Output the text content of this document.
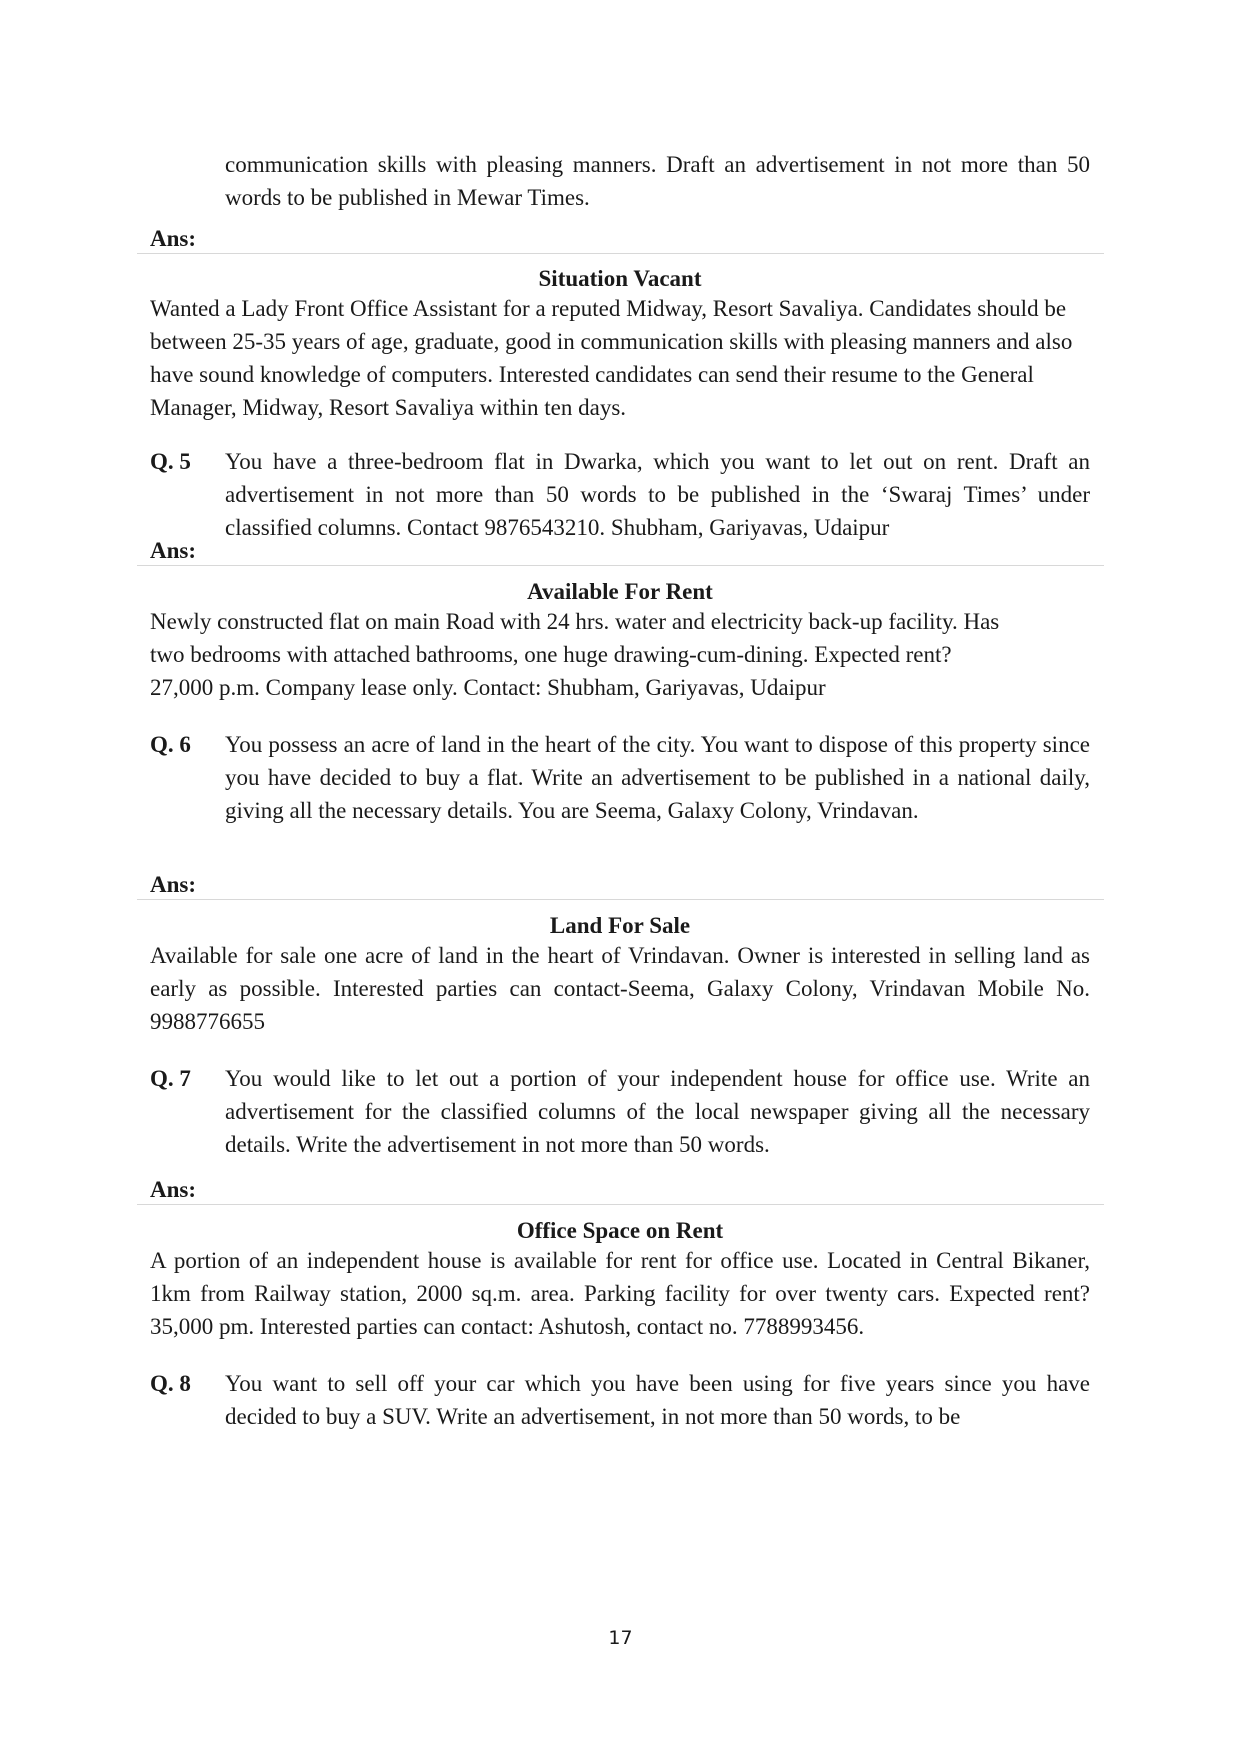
communication skills with pleasing manners. Draft an advertisement in not more than 50 words to be published in Mewar Times.

Ans:
Situation Vacant

Wanted a Lady Front Office Assistant for a reputed Midway, Resort Savaliya. Candidates should be between 25-35 years of age, graduate, good in communication skills with pleasing manners and also have sound knowledge of computers. Interested candidates can send their resume to the General Manager, Midway, Resort Savaliya within ten days.

Q. 5	You have a three-bedroom flat in Dwarka, which you want to let out on rent. Draft an advertisement in not more than 50 words to be published in the ‘Swaraj Times’ under classified columns. Contact 9876543210. Shubham, Gariyavas, Udaipur

Ans:
Available For Rent
Newly constructed flat on main Road with 24 hrs. water and electricity back-up facility. Has
two bedrooms with attached bathrooms, one huge drawing-cum-dining. Expected rent?
27,000 p.m. Company lease only. Contact: Shubham, Gariyavas, Udaipur
Q. 6	You possess an acre of land in the heart of the city. You want to dispose of this property since you have decided to buy a flat. Write an advertisement to be published in a national daily, giving all the necessary details. You are Seema, Galaxy Colony, Vrindavan.

Ans:
Land For Sale

Available for sale one acre of land in the heart of Vrindavan. Owner is interested in selling land as early as possible. Interested parties can contact-Seema, Galaxy Colony, Vrindavan Mobile No. 9988776655

Q. 7	You would like to let out a portion of your independent house for office use. Write an advertisement for the classified columns of the local newspaper giving all the necessary details. Write the advertisement in not more than 50 words.

Ans:
Office Space on Rent

A portion of an independent house is available for rent for office use. Located in Central Bikaner, 1km from Railway station, 2000 sq.m. area. Parking facility for over twenty cars. Expected rent? 35,000 pm. Interested parties can contact: Ashutosh, contact no. 7788993456.

Q. 8	You want to sell off your car which you have been using for five years since you have decided to buy a SUV. Write an advertisement, in not more than 50 words, to be

17
